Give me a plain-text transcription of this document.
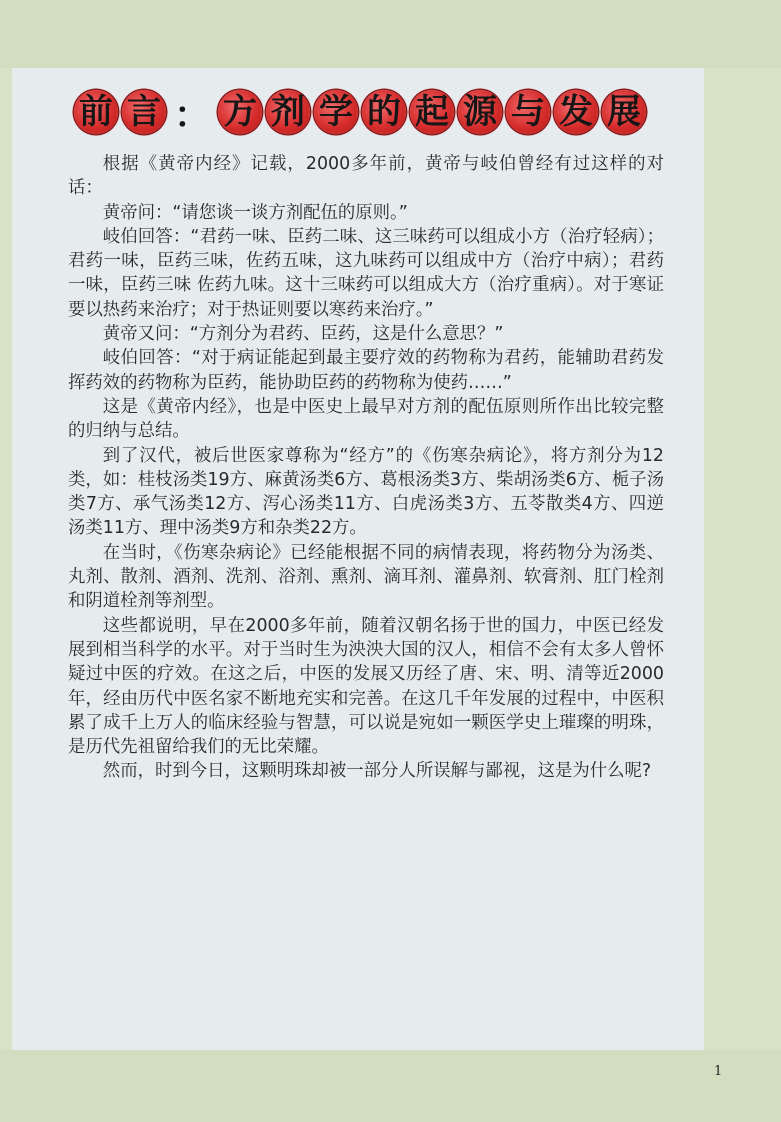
前 言 ： 方 剂 学 的 起 源 与 发 展

根据《黄帝内经》记载，2000多年前，黄帝与岐伯曾经有过这样的对话：

黄帝问：“请您谈一谈方剂配伍的原则。”

岐伯回答：“君药一味、臣药二味、这三味药可以组成小方（治疗轻病）；君药一味，臣药三味，佐药五味，这九味药可以组成中方（治疗中病）；君药一味，臣药三味 佐药九味。这十三味药可以组成大方（治疗重病）。对于寒证要以热药来治疗；对于热证则要以寒药来治疗。”

黄帝又问：“方剂分为君药、臣药，这是什么意思？”

岐伯回答：“对于病证能起到最主要疗效的药物称为君药，能辅助君药发挥药效的药物称为臣药，能协助臣药的药物称为使药……”

这是《黄帝内经》，也是中医史上最早对方剂的配伍原则所作出比较完整的归纳与总结。

到了汉代，被后世医家尊称为“经方”的《伤寒杂病论》，将方剂分为12类，如：桂枝汤类19方、麻黄汤类6方、葛根汤类3方、柴胡汤类6方、栀子汤类7方、承气汤类12方、泻心汤类11方、白虎汤类3方、五苓散类4方、四逆汤类11方、理中汤类9方和杂类22方。

在当时，《伤寒杂病论》已经能根据不同的病情表现，将药物分为汤类、丸剂、散剂、酒剂、洗剂、浴剂、熏剂、滴耳剂、灌鼻剂、软膏剂、肛门栓剂和阴道栓剂等剂型。

这些都说明，早在2000多年前，随着汉朝名扬于世的国力，中医已经发展到相当科学的水平。对于当时生为泱泱大国的汉人，相信不会有太多人曾怀疑过中医的疗效。在这之后，中医的发展又历经了唐、宋、明、清等近2000年，经由历代中医名家不断地充实和完善。在这几千年发展的过程中，中医积累了成千上万人的临床经验与智慧，可以说是宛如一颗医学史上璀璨的明珠，是历代先祖留给我们的无比荣耀。

然而，时到今日，这颗明珠却被一部分人所误解与鄙视，这是为什么呢?

1
